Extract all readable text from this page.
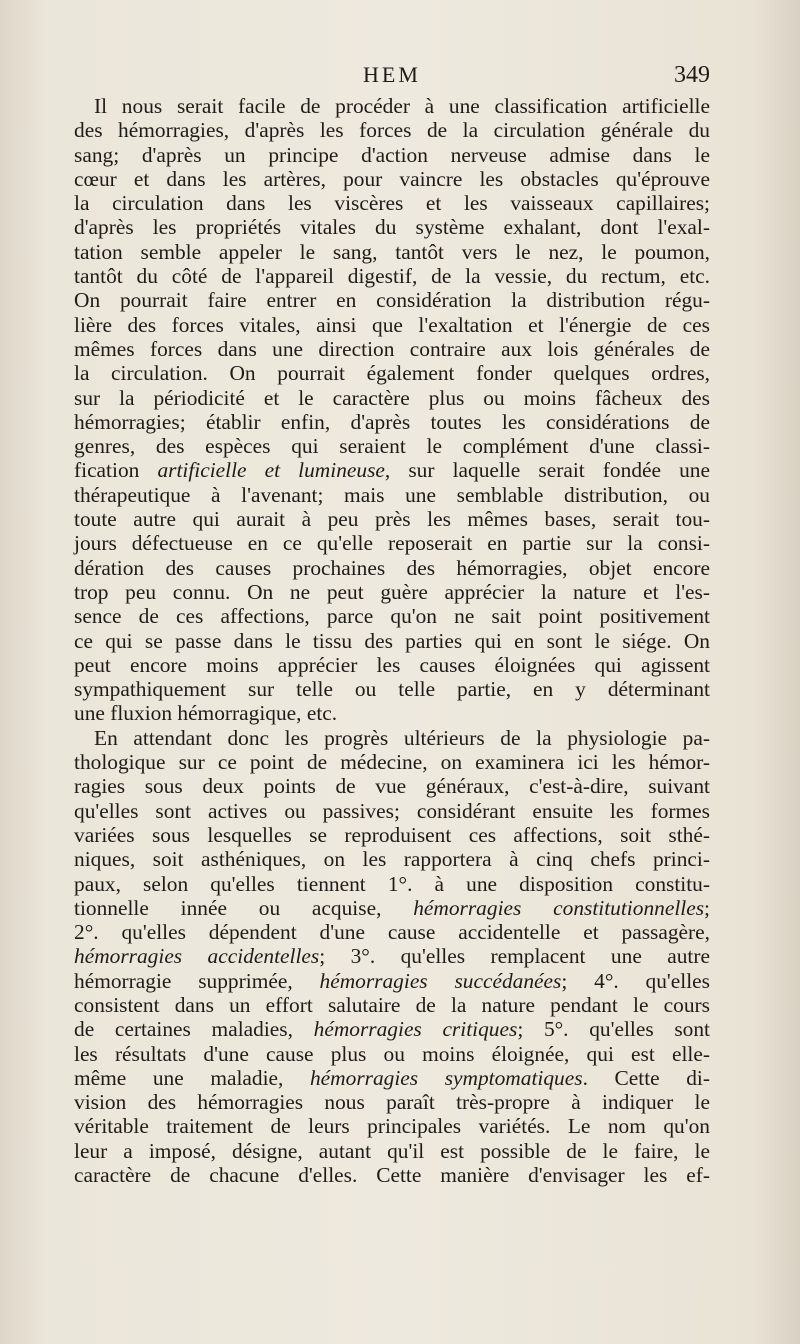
HEM	349
Il nous serait facile de procéder à une classification artificielle
des hémorragies, d'après les forces de la circulation générale du
sang; d'après un principe d'action nerveuse admise dans le
cœur et dans les artères, pour vaincre les obstacles qu'éprouve
la circulation dans les viscères et les vaisseaux capillaires;
d'après les propriétés vitales du système exhalant, dont l'exal-
tation semble appeler le sang, tantôt vers le nez, le poumon,
tantôt du côté de l'appareil digestif, de la vessie, du rectum, etc.
On pourrait faire entrer en considération la distribution régu-
lière des forces vitales, ainsi que l'exaltation et l'énergie de ces
mêmes forces dans une direction contraire aux lois générales de
la circulation. On pourrait également fonder quelques ordres,
sur la périodicité et le caractère plus ou moins fâcheux des
hémorragies; établir enfin, d'après toutes les considérations de
genres, des espèces qui seraient le complément d'une classi-
fication artificielle et lumineuse, sur laquelle serait fondée une
thérapeutique à l'avenant; mais une semblable distribution, ou
toute autre qui aurait à peu près les mêmes bases, serait tou-
jours défectueuse en ce qu'elle reposerait en partie sur la consi-
dération des causes prochaines des hémorragies, objet encore
trop peu connu. On ne peut guère apprécier la nature et l'es-
sence de ces affections, parce qu'on ne sait point positivement
ce qui se passe dans le tissu des parties qui en sont le siége. On
peut encore moins apprécier les causes éloignées qui agissent
sympathiquement sur telle ou telle partie, en y déterminant
une fluxion hémorragique, etc.
En attendant donc les progrès ultérieurs de la physiologie pa-
thologique sur ce point de médecine, on examinera ici les hémor-
ragies sous deux points de vue généraux, c'est-à-dire, suivant
qu'elles sont actives ou passives; considérant ensuite les formes
variées sous lesquelles se reproduisent ces affections, soit sthé-
niques, soit asthéniques, on les rapportera à cinq chefs princi-
paux, selon qu'elles tiennent 1°. à une disposition constitu-
tionnelle innée ou acquise, hémorragies constitutionnelles;
2°. qu'elles dépendent d'une cause accidentelle et passagère,
hémorragies accidentelles; 3°. qu'elles remplacent une autre
hémorragie supprimée, hémorragies succédanées; 4°. qu'elles
consistent dans un effort salutaire de la nature pendant le cours
de certaines maladies, hémorragies critiques; 5°. qu'elles sont
les résultats d'une cause plus ou moins éloignée, qui est elle-
même une maladie, hémorragies symptomatiques. Cette di-
vision des hémorragies nous paraît très-propre à indiquer le
véritable traitement de leurs principales variétés. Le nom qu'on
leur a imposé, désigne, autant qu'il est possible de le faire, le
caractère de chacune d'elles. Cette manière d'envisager les ef-
